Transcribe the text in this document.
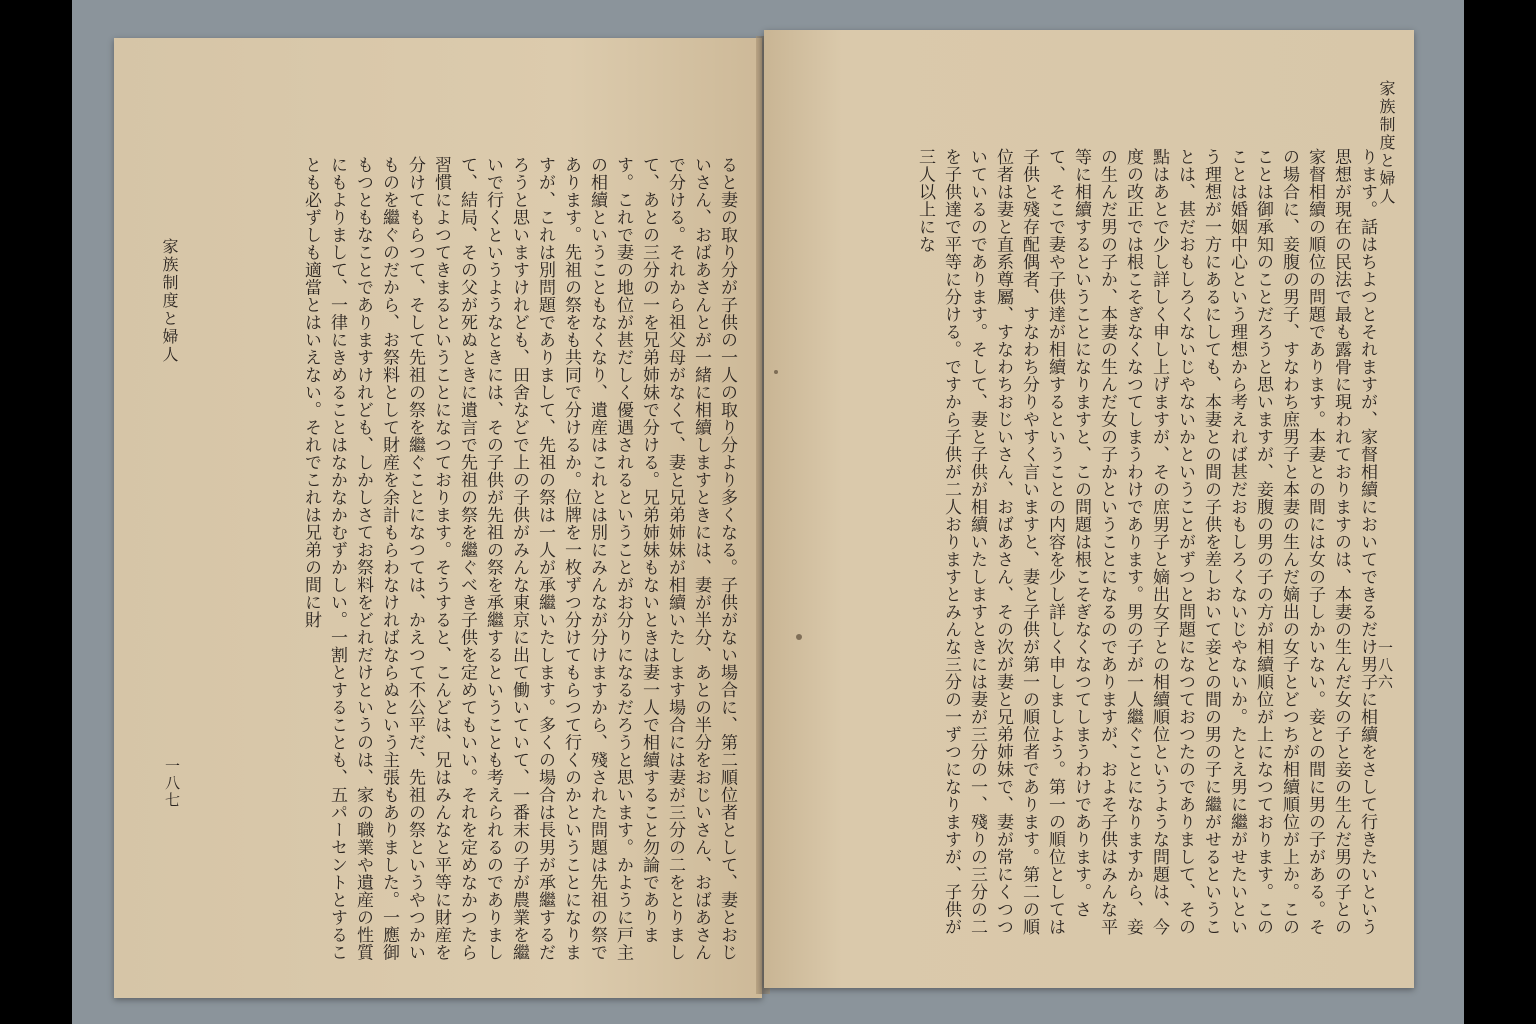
ると妻の取り分が子供の一人の取り分より多くなる。子供がない場合に、第二順位者として、妻とおじいさん、おばあさんとが一緒に相續しますときには、妻が半分、あとの半分をおじいさん、おばあさんで分ける。それから祖父母がなくて、妻と兄弟姉妹が相續いたします場合には妻が三分の二をとりまして、あとの三分の一を兄弟姉妹で分ける。兄弟姉妹もないときは妻一人で相續すること勿論であります。これで妻の地位が甚だしく優遇されるということがお分りになるだろうと思います。かように戸主の相續ということもなくなり、遺産はこれとは別にみんなが分けますから、殘された問題は先祖の祭であります。先祖の祭をも共同で分けるか。位牌を一枚ずつ分けてもらつて行くのかということになりますが、これは別問題でありまして、先祖の祭は一人が承繼いたします。多くの場合は長男が承繼するだろうと思いますけれども、田舍などで上の子供がみんな東京に出て働いていて、一番末の子が農業を繼いで行くというようなときには、その子供が先祖の祭を承繼するということも考えられるのでありまして、結局、その父が死ぬときに遺言で先祖の祭を繼ぐべき子供を定めてもいい。それを定めなかつたら習慣によつてきまるということになつております。そうすると、こんどは、兄はみんなと平等に財産を分けてもらつて、そして先祖の祭を繼ぐことになつては、かえつて不公平だ、先祖の祭というやつかいものを繼ぐのだから、お祭料として財産を余計もらわなければならぬという主張もありました。一應御もつともなことでありますけれども、しかしさてお祭料をどれだけというのは、家の職業や遺産の性質にもよりまして、一律にきめることはなかなかむずかしい。一割とすることも、五パーセントとすることも必ずしも適當とはいえない。それでこれは兄弟の間に財
家族制度と婦人
一八七
家族制度と婦人
一八六
ります。話はちよつとそれますが、家督相續においてできるだけ男子に相續をさして行きたいという思想が現在の民法で最も露骨に現われておりますのは、本妻の生んだ女の子と妾の生んだ男の子との家督相續の順位の問題であります。本妻との間には女の子しかいない。妾との間に男の子がある。その場合に、妾腹の男子、すなわち庶男子と本妻の生んだ嫡出の女子とどつちが相續順位が上か。このことは御承知のことだろうと思いますが、妾腹の男の子の方が相續順位が上になつております。このことは婚姻中心という理想から考えれば甚だおもしろくないじやないか。たとえ男に繼がせたいという理想が一方にあるにしても、本妻との間の子供を差しおいて妾との間の男の子に繼がせるということは、甚だおもしろくないじやないかということがずつと問題になつておつたのでありまして、その點はあとで少し詳しく申し上げますが、その庶男子と嫡出女子との相續順位というような問題は、今度の改正では根こそぎなくなつてしまうわけであります。男の子が一人繼ぐことになりますから、妾の生んだ男の子か、本妻の生んだ女の子かということになるのでありますが、およそ子供はみんな平等に相續するということになりますと、この問題は根こそぎなくなつてしまうわけであります。さて、そこで妻や子供達が相續するということの内容を少し詳しく申しましよう。第一の順位としては子供と殘存配偶者、すなわち分りやすく言いますと、妻と子供が第一の順位者であります。第二の順位者は妻と直系尊屬、すなわちおじいさん、おばあさん、その次が妻と兄弟姉妹で、妻が常にくつついているのであります。そして、妻と子供が相續いたしますときには妻が三分の一、殘りの三分の二を子供達で平等に分ける。ですから子供が二人おりますとみんな三分の一ずつになりますが、子供が三人以上にな
